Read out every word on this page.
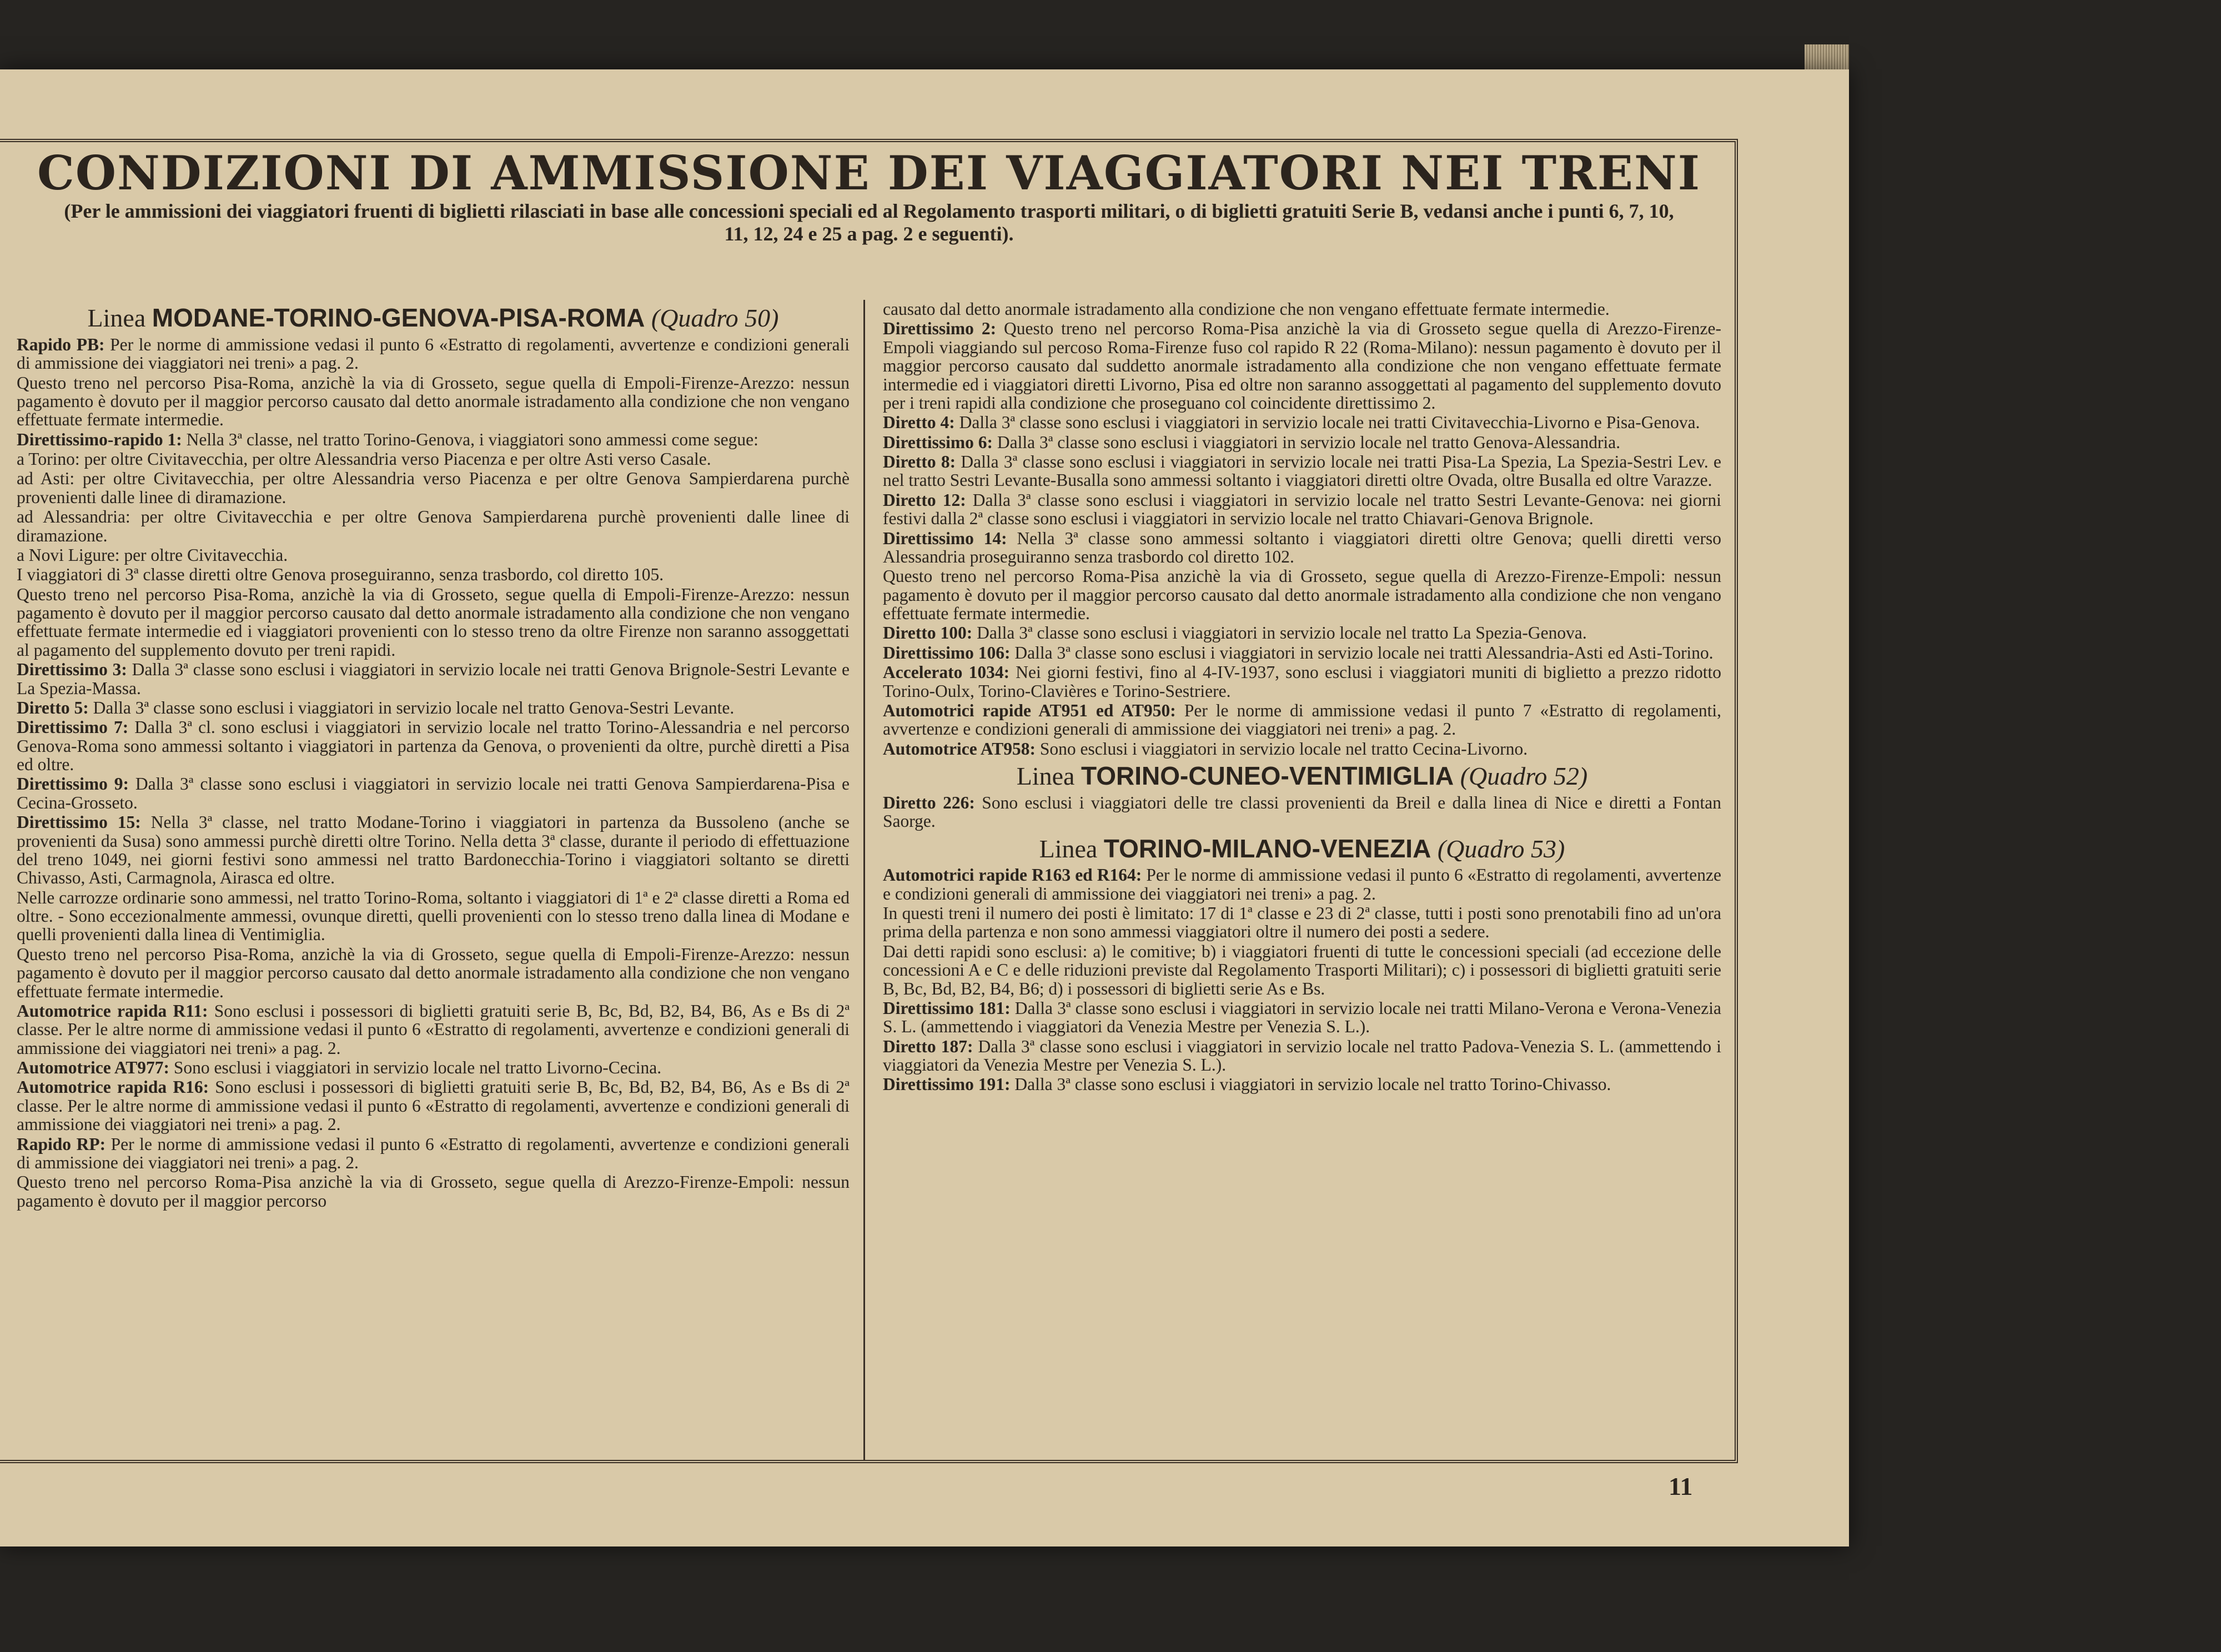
CONDIZIONI DI AMMISSIONE DEI VIAGGIATORI NEI TRENI
(Per le ammissioni dei viaggiatori fruenti di biglietti rilasciati in base alle concessioni speciali ed al Regolamento trasporti militari, o di biglietti gratuiti Serie B, vedansi anche i punti 6, 7, 10, 11, 12, 24 e 25 a pag. 2 e seguenti).
Linea MODANE-TORINO-GENOVA-PISA-ROMA (Quadro 50)

Rapido PB: Per le norme di ammissione vedasi il punto 6 «Estratto di regolamenti, avvertenze e condizioni generali di ammissione dei viaggiatori nei treni» a pag. 2.

Questo treno nel percorso Pisa-Roma, anzichè la via di Grosseto, segue quella di Empoli-Firenze-Arezzo: nessun pagamento è dovuto per il maggior percorso causato dal detto anormale istradamento alla condizione che non vengano effettuate fermate intermedie.

Direttissimo-rapido 1: Nella 3ª classe, nel tratto Torino-Genova, i viaggiatori sono ammessi come segue:

a Torino: per oltre Civitavecchia, per oltre Alessandria verso Piacenza e per oltre Asti verso Casale.

ad Asti: per oltre Civitavecchia, per oltre Alessandria verso Piacenza e per oltre Genova Sampierdarena purchè provenienti dalle linee di diramazione.

ad Alessandria: per oltre Civitavecchia e per oltre Genova Sampierdarena purchè provenienti dalle linee di diramazione.

a Novi Ligure: per oltre Civitavecchia.

I viaggiatori di 3ª classe diretti oltre Genova proseguiranno, senza trasbordo, col diretto 105.

Questo treno nel percorso Pisa-Roma, anzichè la via di Grosseto, segue quella di Empoli-Firenze-Arezzo: nessun pagamento è dovuto per il maggior percorso causato dal detto anormale istradamento alla condizione che non vengano effettuate fermate intermedie ed i viaggiatori provenienti con lo stesso treno da oltre Firenze non saranno assoggettati al pagamento del supplemento dovuto per treni rapidi.

Direttissimo 3: Dalla 3ª classe sono esclusi i viaggiatori in servizio locale nei tratti Genova Brignole-Sestri Levante e La Spezia-Massa.

Diretto 5: Dalla 3ª classe sono esclusi i viaggiatori in servizio locale nel tratto Genova-Sestri Levante.

Direttissimo 7: Dalla 3ª cl. sono esclusi i viaggiatori in servizio locale nel tratto Torino-Alessandria e nel percorso Genova-Roma sono ammessi soltanto i viaggiatori in partenza da Genova, o provenienti da oltre, purchè diretti a Pisa ed oltre.

Direttissimo 9: Dalla 3ª classe sono esclusi i viaggiatori in servizio locale nei tratti Genova Sampierdarena-Pisa e Cecina-Grosseto.

Direttissimo 15: Nella 3ª classe, nel tratto Modane-Torino i viaggiatori in partenza da Bussoleno (anche se provenienti da Susa) sono ammessi purchè diretti oltre Torino. Nella detta 3ª classe, durante il periodo di effettuazione del treno 1049, nei giorni festivi sono ammessi nel tratto Bardonecchia-Torino i viaggiatori soltanto se diretti Chivasso, Asti, Carmagnola, Airasca ed oltre.

Nelle carrozze ordinarie sono ammessi, nel tratto Torino-Roma, soltanto i viaggiatori di 1ª e 2ª classe diretti a Roma ed oltre. - Sono eccezionalmente ammessi, ovunque diretti, quelli provenienti con lo stesso treno dalla linea di Modane e quelli provenienti dalla linea di Ventimiglia.

Questo treno nel percorso Pisa-Roma, anzichè la via di Grosseto, segue quella di Empoli-Firenze-Arezzo: nessun pagamento è dovuto per il maggior percorso causato dal detto anormale istradamento alla condizione che non vengano effettuate fermate intermedie.

Automotrice rapida R11: Sono esclusi i possessori di biglietti gratuiti serie B, Bc, Bd, B2, B4, B6, As e Bs di 2ª classe. Per le altre norme di ammissione vedasi il punto 6 «Estratto di regolamenti, avvertenze e condizioni generali di ammissione dei viaggiatori nei treni» a pag. 2.

Automotrice AT977: Sono esclusi i viaggiatori in servizio locale nel tratto Livorno-Cecina.

Automotrice rapida R16: Sono esclusi i possessori di biglietti gratuiti serie B, Bc, Bd, B2, B4, B6, As e Bs di 2ª classe. Per le altre norme di ammissione vedasi il punto 6 «Estratto di regolamenti, avvertenze e condizioni generali di ammissione dei viaggiatori nei treni» a pag. 2.

Rapido RP: Per le norme di ammissione vedasi il punto 6 «Estratto di regolamenti, avvertenze e condizioni generali di ammissione dei viaggiatori nei treni» a pag. 2.

Questo treno nel percorso Roma-Pisa anzichè la via di Grosseto, segue quella di Arezzo-Firenze-Empoli: nessun pagamento è dovuto per il maggior percorso

causato dal detto anormale istradamento alla condizione che non vengano effettuate fermate intermedie.

Direttissimo 2: Questo treno nel percorso Roma-Pisa anzichè la via di Grosseto segue quella di Arezzo-Firenze-Empoli viaggiando sul percoso Roma-Firenze fuso col rapido R 22 (Roma-Milano): nessun pagamento è dovuto per il maggior percorso causato dal suddetto anormale istradamento alla condizione che non vengano effettuate fermate intermedie ed i viaggiatori diretti Livorno, Pisa ed oltre non saranno assoggettati al pagamento del supplemento dovuto per i treni rapidi alla condizione che proseguano col coincidente direttissimo 2.

Diretto 4: Dalla 3ª classe sono esclusi i viaggiatori in servizio locale nei tratti Civitavecchia-Livorno e Pisa-Genova.

Direttissimo 6: Dalla 3ª classe sono esclusi i viaggiatori in servizio locale nel tratto Genova-Alessandria.

Diretto 8: Dalla 3ª classe sono esclusi i viaggiatori in servizio locale nei tratti Pisa-La Spezia, La Spezia-Sestri Lev. e nel tratto Sestri Levante-Busalla sono ammessi soltanto i viaggiatori diretti oltre Ovada, oltre Busalla ed oltre Varazze.

Diretto 12: Dalla 3ª classe sono esclusi i viaggiatori in servizio locale nel tratto Sestri Levante-Genova: nei giorni festivi dalla 2ª classe sono esclusi i viaggiatori in servizio locale nel tratto Chiavari-Genova Brignole.

Direttissimo 14: Nella 3ª classe sono ammessi soltanto i viaggiatori diretti oltre Genova; quelli diretti verso Alessandria proseguiranno senza trasbordo col diretto 102.

Questo treno nel percorso Roma-Pisa anzichè la via di Grosseto, segue quella di Arezzo-Firenze-Empoli: nessun pagamento è dovuto per il maggior percorso causato dal detto anormale istradamento alla condizione che non vengano effettuate fermate intermedie.

Diretto 100: Dalla 3ª classe sono esclusi i viaggiatori in servizio locale nel tratto La Spezia-Genova.

Direttissimo 106: Dalla 3ª classe sono esclusi i viaggiatori in servizio locale nei tratti Alessandria-Asti ed Asti-Torino.

Accelerato 1034: Nei giorni festivi, fino al 4-IV-1937, sono esclusi i viaggiatori muniti di biglietto a prezzo ridotto Torino-Oulx, Torino-Clavières e Torino-Sestriere.

Automotrici rapide AT951 ed AT950: Per le norme di ammissione vedasi il punto 7 «Estratto di regolamenti, avvertenze e condizioni generali di ammissione dei viaggiatori nei treni» a pag. 2.

Automotrice AT958: Sono esclusi i viaggiatori in servizio locale nel tratto Cecina-Livorno.

Linea TORINO-CUNEO-VENTIMIGLIA (Quadro 52)

Diretto 226: Sono esclusi i viaggiatori delle tre classi provenienti da Breil e dalla linea di Nice e diretti a Fontan Saorge.

Linea TORINO-MILANO-VENEZIA (Quadro 53)

Automotrici rapide R163 ed R164: Per le norme di ammissione vedasi il punto 6 «Estratto di regolamenti, avvertenze e condizioni generali di ammissione dei viaggiatori nei treni» a pag. 2.

In questi treni il numero dei posti è limitato: 17 di 1ª classe e 23 di 2ª classe, tutti i posti sono prenotabili fino ad un'ora prima della partenza e non sono ammessi viaggiatori oltre il numero dei posti a sedere.

Dai detti rapidi sono esclusi: a) le comitive; b) i viaggiatori fruenti di tutte le concessioni speciali (ad eccezione delle concessioni A e C e delle riduzioni previste dal Regolamento Trasporti Militari); c) i possessori di biglietti gratuiti serie B, Bc, Bd, B2, B4, B6; d) i possessori di biglietti serie As e Bs.

Direttissimo 181: Dalla 3ª classe sono esclusi i viaggiatori in servizio locale nei tratti Milano-Verona e Verona-Venezia S. L. (ammettendo i viaggiatori da Venezia Mestre per Venezia S. L.).

Diretto 187: Dalla 3ª classe sono esclusi i viaggiatori in servizio locale nel tratto Padova-Venezia S. L. (ammettendo i viaggiatori da Venezia Mestre per Venezia S. L.).

Direttissimo 191: Dalla 3ª classe sono esclusi i viaggiatori in servizio locale nel tratto Torino-Chivasso.

11
